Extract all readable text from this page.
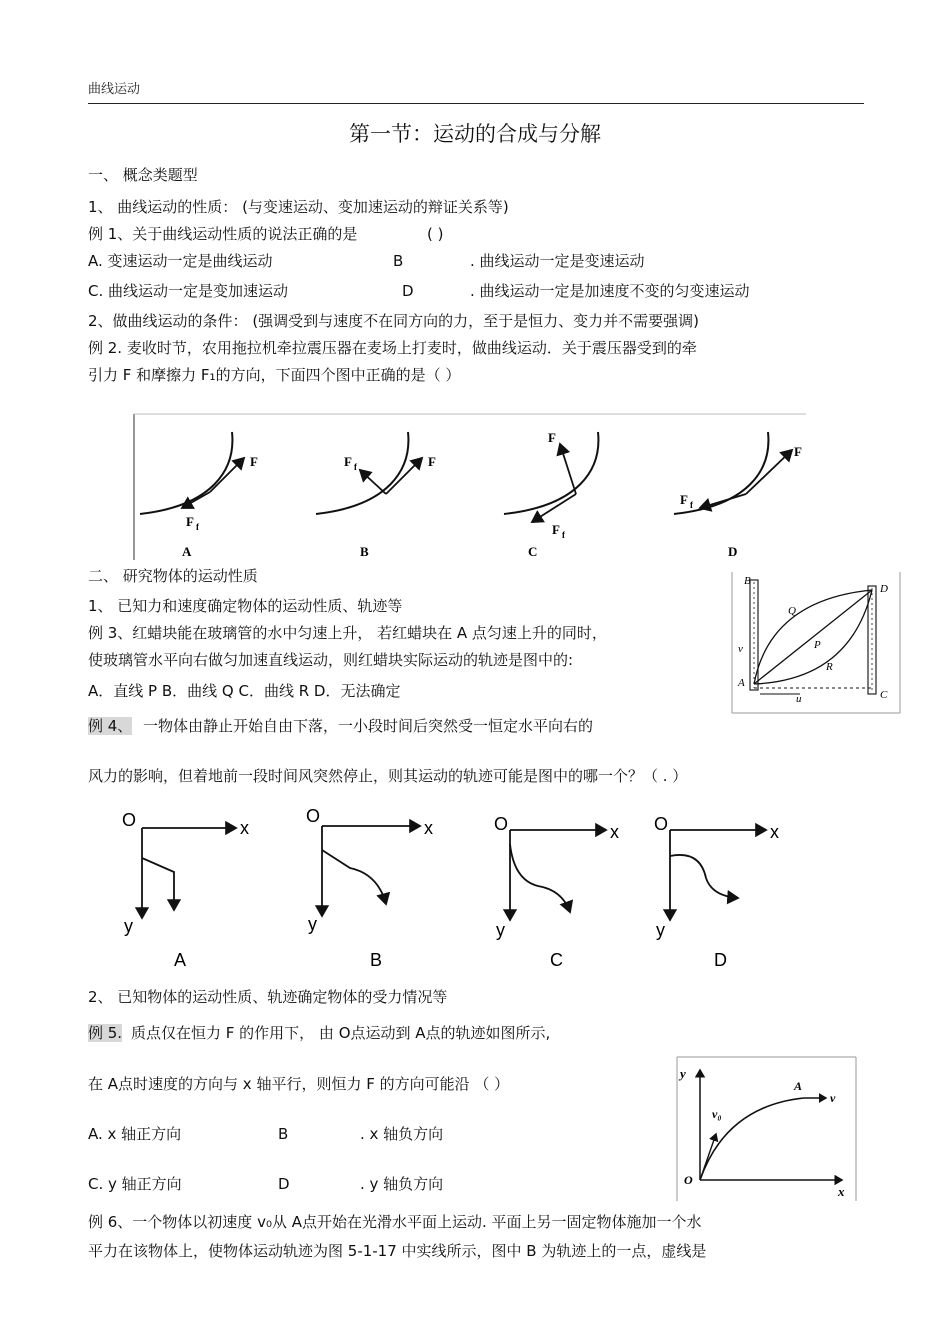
曲线运动
第一节：运动的合成与分解
一、 概念类题型
1、 曲线运动的性质： (与变速运动、变加速运动的辩证关系等)
例 1、关于曲线运动性质的说法正确的是	( )
A. 变速运动一定是曲线运动	B	. 曲线运动一定是变速运动
C. 曲线运动一定是变加速运动	D	. 曲线运动一定是加速度不变的匀变速运动
2、做曲线运动的条件： (强调受到与速度不在同方向的力，至于是恒力、变力并不需要强调)
例 2. 麦收时节，农用拖拉机牵拉震压器在麦场上打麦时，做曲线运动．关于震压器受到的牵
引力 F 和摩擦力 F₁的方向，下面四个图中正确的是（ ）
F
F f
A
F
F f
B
F
F f
C
F
F f
D
二、 研究物体的运动性质
1、 已知力和速度确定物体的运动性质、轨迹等
例 3、红蜡块能在玻璃管的水中匀速上升， 若红蜡块在 A 点匀速上升的同时，
使玻璃管水平向右做匀加速直线运动，则红蜡块实际运动的轨迹是图中的:
A．直线 P B．曲线 Q C．曲线 R D．无法确定
B
D
Q
P
R
v
A
u	C
例 4、 一物体由静止开始自由下落，一小段时间后突然受一恒定水平向右的
风力的影响，但着地前一段时间风突然停止，则其运动的轨迹可能是图中的哪一个？（ . ）
O	x
y
A
O
x
y
B
O	x
y
C
O	x
y
D
2、 已知物体的运动性质、轨迹确定物体的受力情况等
例 5. 质点仅在恒力 F 的作用下， 由 O点运动到 A点的轨迹如图所示,
在 A点时速度的方向与 x 轴平行，则恒力 F 的方向可能沿 （ ）
A. x 轴正方向	B	. x 轴负方向
C. y 轴正方向	D	. y 轴负方向
y
v₀
A
v
O
x
例 6、一个物体以初速度 v₀从 A点开始在光滑水平面上运动. 平面上另一固定物体施加一个水
平力在该物体上，使物体运动轨迹为图 5-1-17 中实线所示，图中 B 为轨迹上的一点，虚线是
